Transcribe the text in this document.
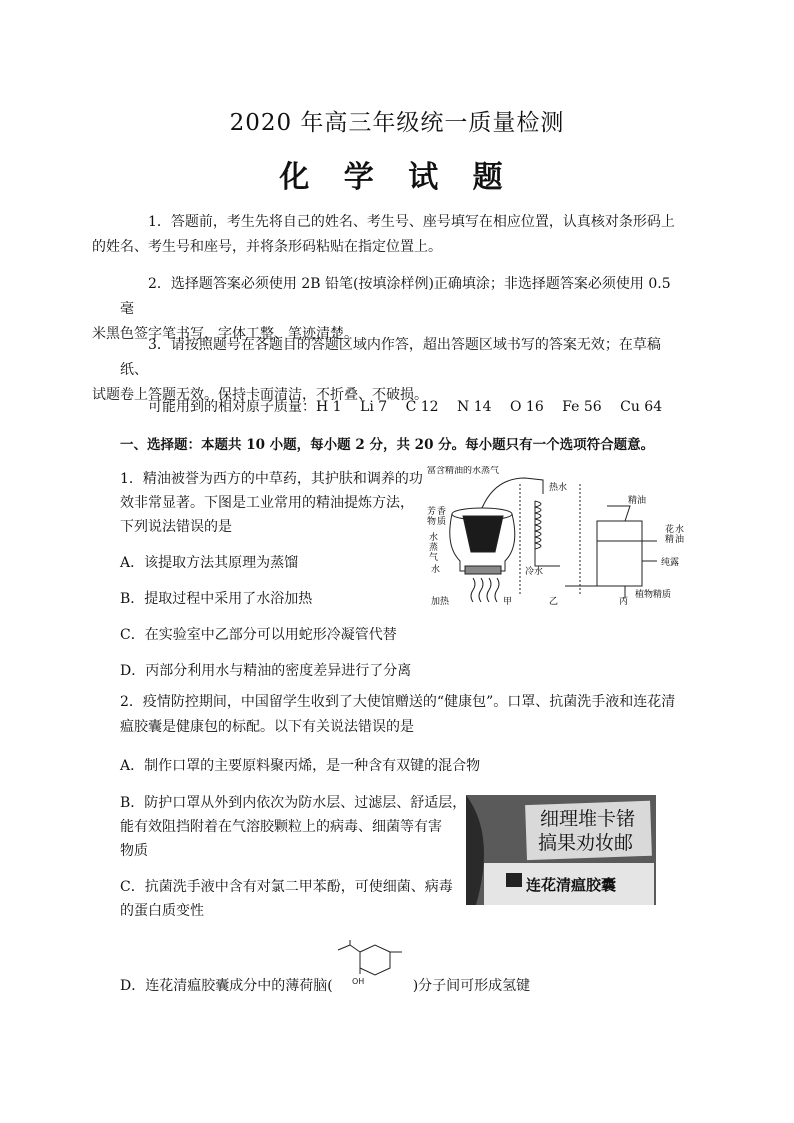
2020 年高三年级统一质量检测
化 学 试 题
1．答题前，考生先将自己的姓名、考生号、座号填写在相应位置，认真核对条形码上
的姓名、考生号和座号，并将条形码粘贴在指定位置上。
2．选择题答案必须使用 2B 铅笔(按填涂样例)正确填涂；非选择题答案必须使用 0.5 毫
米黑色签字笔书写，字体工整、笔迹清楚。
3．请按照题号在各题目的答题区域内作答，超出答题区域书写的答案无效；在草稿纸、
试题卷上答题无效。保持卡面清洁，不折叠、不破损。
可能用到的相对原子质量：H 1　 Li 7　 C 12　 N 14　 O 16　 Fe 56　 Cu 64
一、选择题：本题共 10 小题，每小题 2 分，共 20 分。每小题只有一个选项符合题意。
1．精油被誉为西方的中草药，其护肤和调养的功
效非常显著。下图是工业常用的精油提炼方法，
下列说法错误的是
A．该提取方法其原理为蒸馏
B．提取过程中采用了水浴加热
C．在实验室中乙部分可以用蛇形冷凝管代替
D．丙部分利用水与精油的密度差异进行了分离
富含精油的水蒸气
芳 香
物 质
水
蒸
气
水
加热
热水
冷水
精油
花 水
精 油
纯露
植物精质
甲	乙	丙
2．疫情防控期间，中国留学生收到了大使馆赠送的“健康包”。口罩、抗菌洗手液和连花清
瘟胶囊是健康包的标配。以下有关说法错误的是
A．制作口罩的主要原料聚丙烯，是一种含有双键的混合物
B．防护口罩从外到内依次为防水层、过滤层、舒适层，
能有效阻挡附着在气溶胶颗粒上的病毒、细菌等有害
物质
C．抗菌洗手液中含有对氯二甲苯酚，可使细菌、病毒
的蛋白质变性
细理堆卡锗
搞果劝妆邮
连花清瘟胶囊
D．连花清瘟胶囊成分中的薄荷脑(	)分子间可形成氢键
OH
